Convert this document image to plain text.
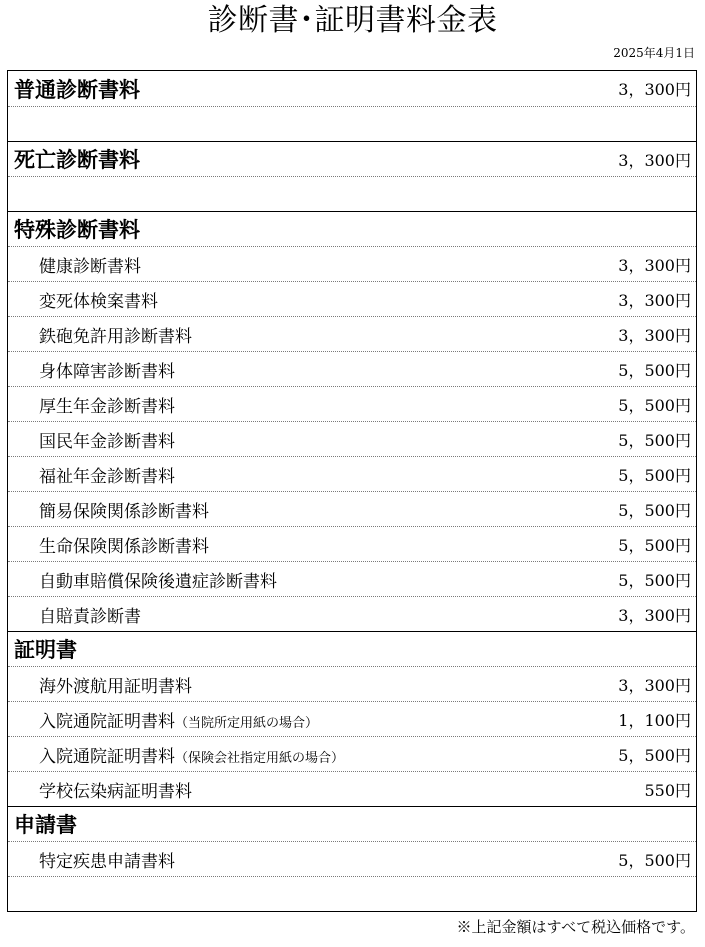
診断書･証明書料金表
2025年4月1日
普通診断書料	3，300円
死亡診断書料	3，300円
特殊診断書料
健康診断書料	3，300円
変死体検案書料	3，300円
鉄砲免許用診断書料	3，300円
身体障害診断書料	5，500円
厚生年金診断書料	5，500円
国民年金診断書料	5，500円
福祉年金診断書料	5，500円
簡易保険関係診断書料	5，500円
生命保険関係診断書料	5，500円
自動車賠償保険後遺症診断書料	5，500円
自賠責診断書	3，300円
証明書
海外渡航用証明書料	3，300円
入院通院証明書料（当院所定用紙の場合）	1，100円
入院通院証明書料（保険会社指定用紙の場合）	5，500円
学校伝染病証明書料	550円
申請書
特定疾患申請書料	5，500円
※上記金額はすべて税込価格です。
